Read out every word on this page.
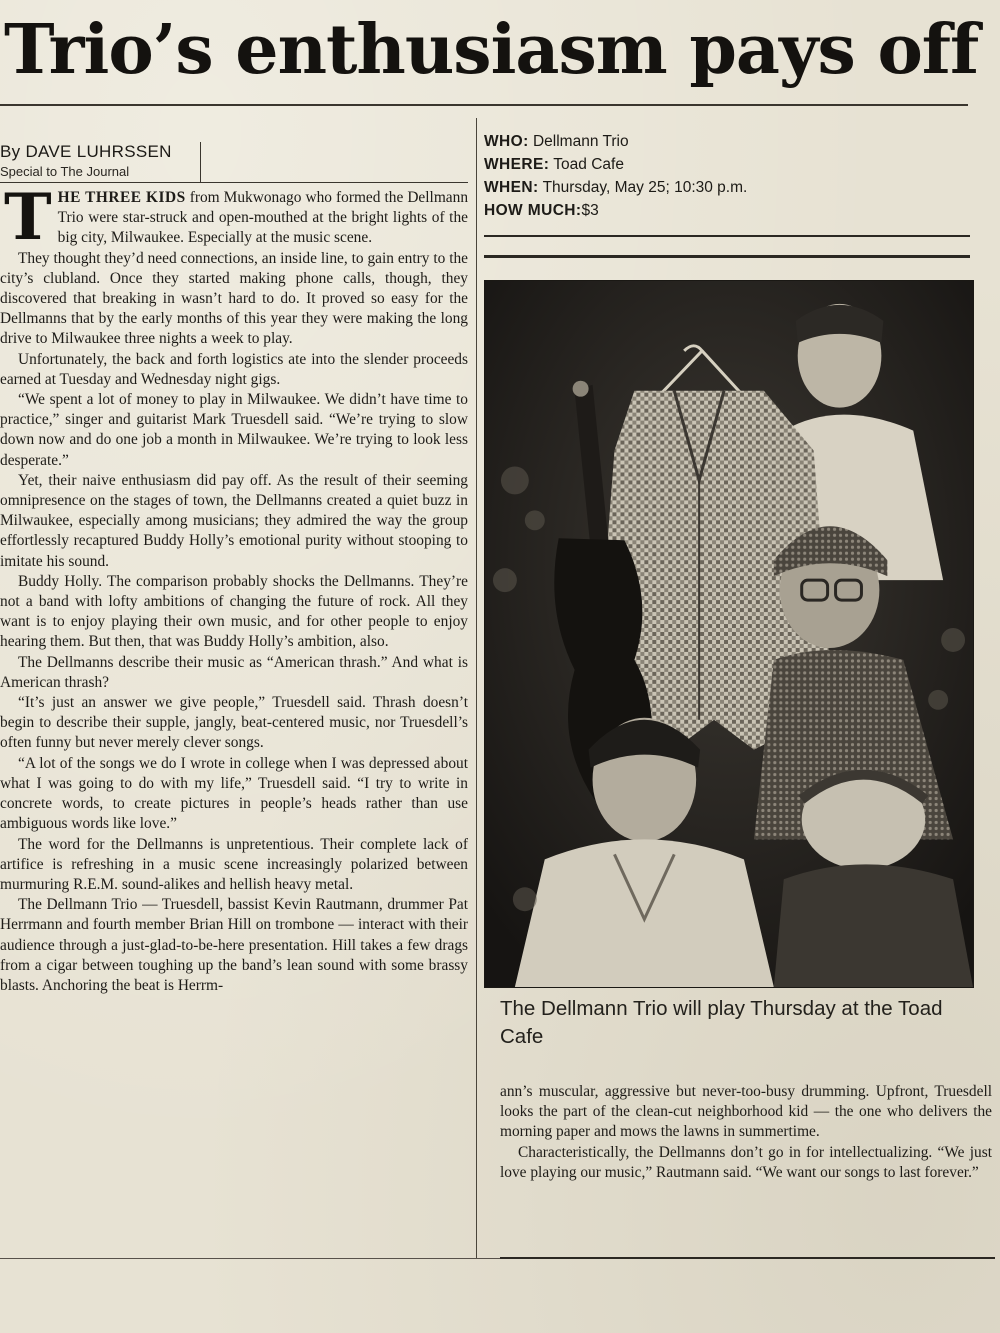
Trio’s enthusiasm pays off
By DAVE LUHRSSEN
Special to The Journal

THE THREE KIDS from Mukwonago who formed the Dellmann Trio were star-struck and open-mouthed at the bright lights of the big city, Milwaukee. Especially at the music scene.

They thought they’d need connections, an inside line, to gain entry to the city’s clubland. Once they started making phone calls, though, they discovered that breaking in wasn’t hard to do. It proved so easy for the Dellmanns that by the early months of this year they were making the long drive to Milwaukee three nights a week to play.

Unfortunately, the back and forth logistics ate into the slender proceeds earned at Tuesday and Wednesday night gigs.

“We spent a lot of money to play in Milwaukee. We didn’t have time to practice,” singer and guitarist Mark Truesdell said. “We’re trying to slow down now and do one job a month in Milwaukee. We’re trying to look less desperate.”

Yet, their naive enthusiasm did pay off. As the result of their seeming omnipresence on the stages of town, the Dellmanns created a quiet buzz in Milwaukee, especially among musicians; they admired the way the group effortlessly recaptured Buddy Holly’s emotional purity without stooping to imitate his sound.

Buddy Holly. The comparison probably shocks the Dellmanns. They’re not a band with lofty ambitions of changing the future of rock. All they want is to enjoy playing their own music, and for other people to enjoy hearing them. But then, that was Buddy Holly’s ambition, also.

The Dellmanns describe their music as “American thrash.” And what is American thrash?

“It’s just an answer we give people,” Truesdell said. Thrash doesn’t begin to describe their supple, jangly, beat-centered music, nor Truesdell’s often funny but never merely clever songs.

“A lot of the songs we do I wrote in college when I was depressed about what I was going to do with my life,” Truesdell said. “I try to write in concrete words, to create pictures in people’s heads rather than use ambiguous words like love.”

The word for the Dellmanns is unpretentious. Their complete lack of artifice is refreshing in a music scene increasingly polarized between murmuring R.E.M. sound-alikes and hellish heavy metal.

The Dellmann Trio — Truesdell, bassist Kevin Rautmann, drummer Pat Herrmann and fourth member Brian Hill on trombone — interact with their audience through a just-glad-to-be-here presentation. Hill takes a few drags from a cigar between toughing up the band’s lean sound with some brassy blasts. Anchoring the beat is Herrm-

WHO: Dellmann Trio
WHERE: Toad Cafe
WHEN: Thursday, May 25; 10:30 p.m.
HOW MUCH:$3
The Dellmann Trio will play Thursday at the Toad Cafe

ann’s muscular, aggressive but never-too-busy drumming. Upfront, Truesdell looks the part of the clean-cut neighborhood kid — the one who delivers the morning paper and mows the lawns in summertime.

Characteristically, the Dellmanns don’t go in for intellectualizing. “We just love playing our music,” Rautmann said. “We want our songs to last forever.”
